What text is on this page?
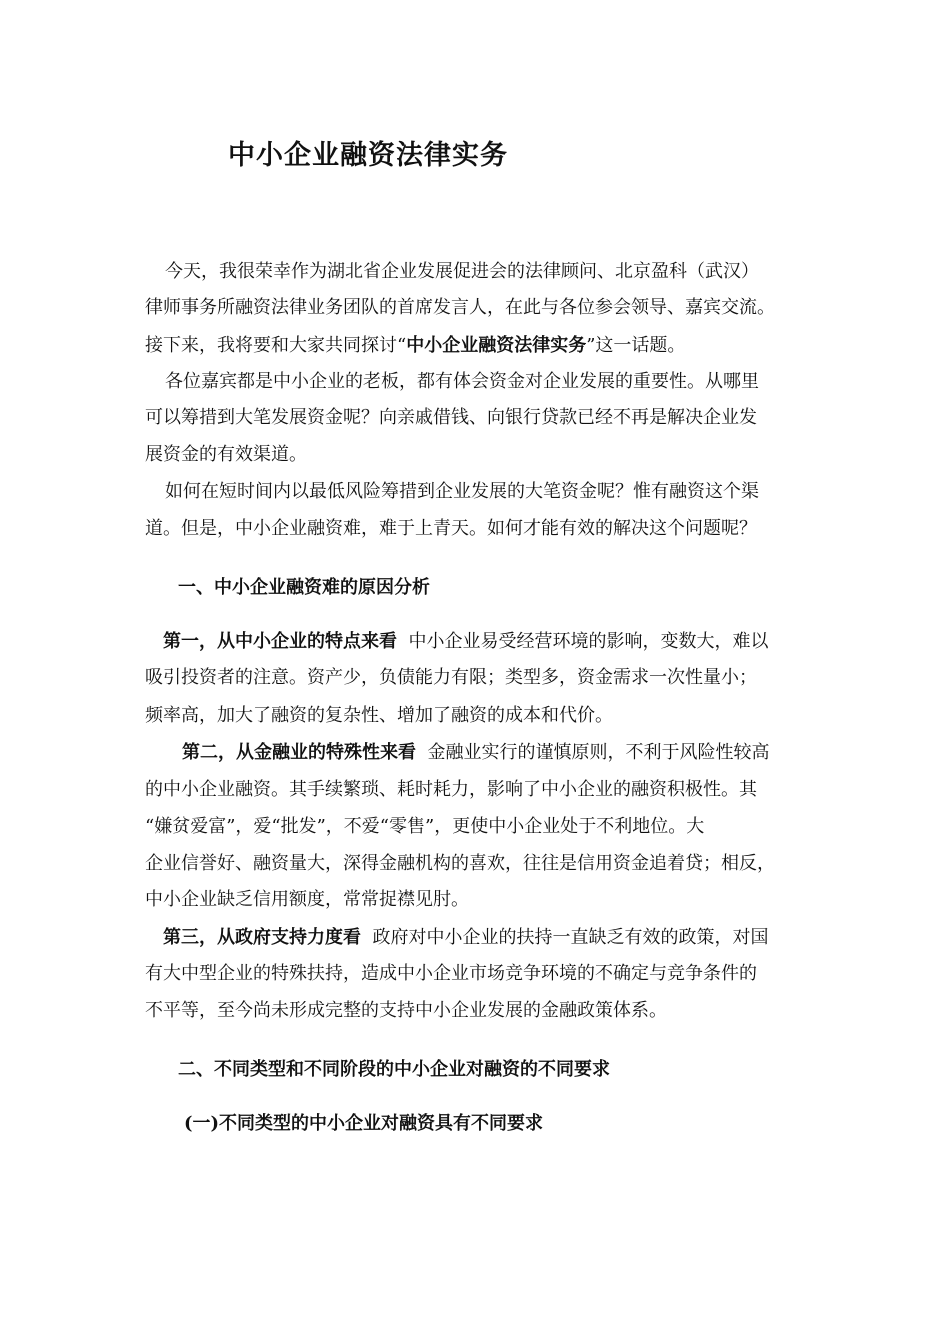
中小企业融资法律实务
今天，我很荣幸作为湖北省企业发展促进会的法律顾问、北京盈科（武汉）
律师事务所融资法律业务团队的首席发言人，在此与各位参会领导、嘉宾交流。
接下来，我将要和大家共同探讨“中小企业融资法律实务”这一话题。
各位嘉宾都是中小企业的老板，都有体会资金对企业发展的重要性。从哪里
可以筹措到大笔发展资金呢？向亲戚借钱、向银行贷款已经不再是解决企业发
展资金的有效渠道。
如何在短时间内以最低风险筹措到企业发展的大笔资金呢？惟有融资这个渠
道。但是，中小企业融资难，难于上青天。如何才能有效的解决这个问题呢？
一、中小企业融资难的原因分析
第一，从中小企业的特点来看 中小企业易受经营环境的影响，变数大，难以
吸引投资者的注意。资产少，负债能力有限；类型多，资金需求一次性量小；
频率高，加大了融资的复杂性、增加了融资的成本和代价。
第二，从金融业的特殊性来看 金融业实行的谨慎原则，不利于风险性较高
的中小企业融资。其手续繁琐、耗时耗力，影响了中小企业的融资积极性。其
“嫌贫爱富”，爱“批发”，不爱“零售”，更使中小企业处于不利地位。大
企业信誉好、融资量大，深得金融机构的喜欢，往往是信用资金追着贷；相反，
中小企业缺乏信用额度，常常捉襟见肘。
第三，从政府支持力度看 政府对中小企业的扶持一直缺乏有效的政策，对国
有大中型企业的特殊扶持，造成中小企业市场竞争环境的不确定与竞争条件的
不平等，至今尚未形成完整的支持中小企业发展的金融政策体系。
二、不同类型和不同阶段的中小企业对融资的不同要求
(一)不同类型的中小企业对融资具有不同要求
